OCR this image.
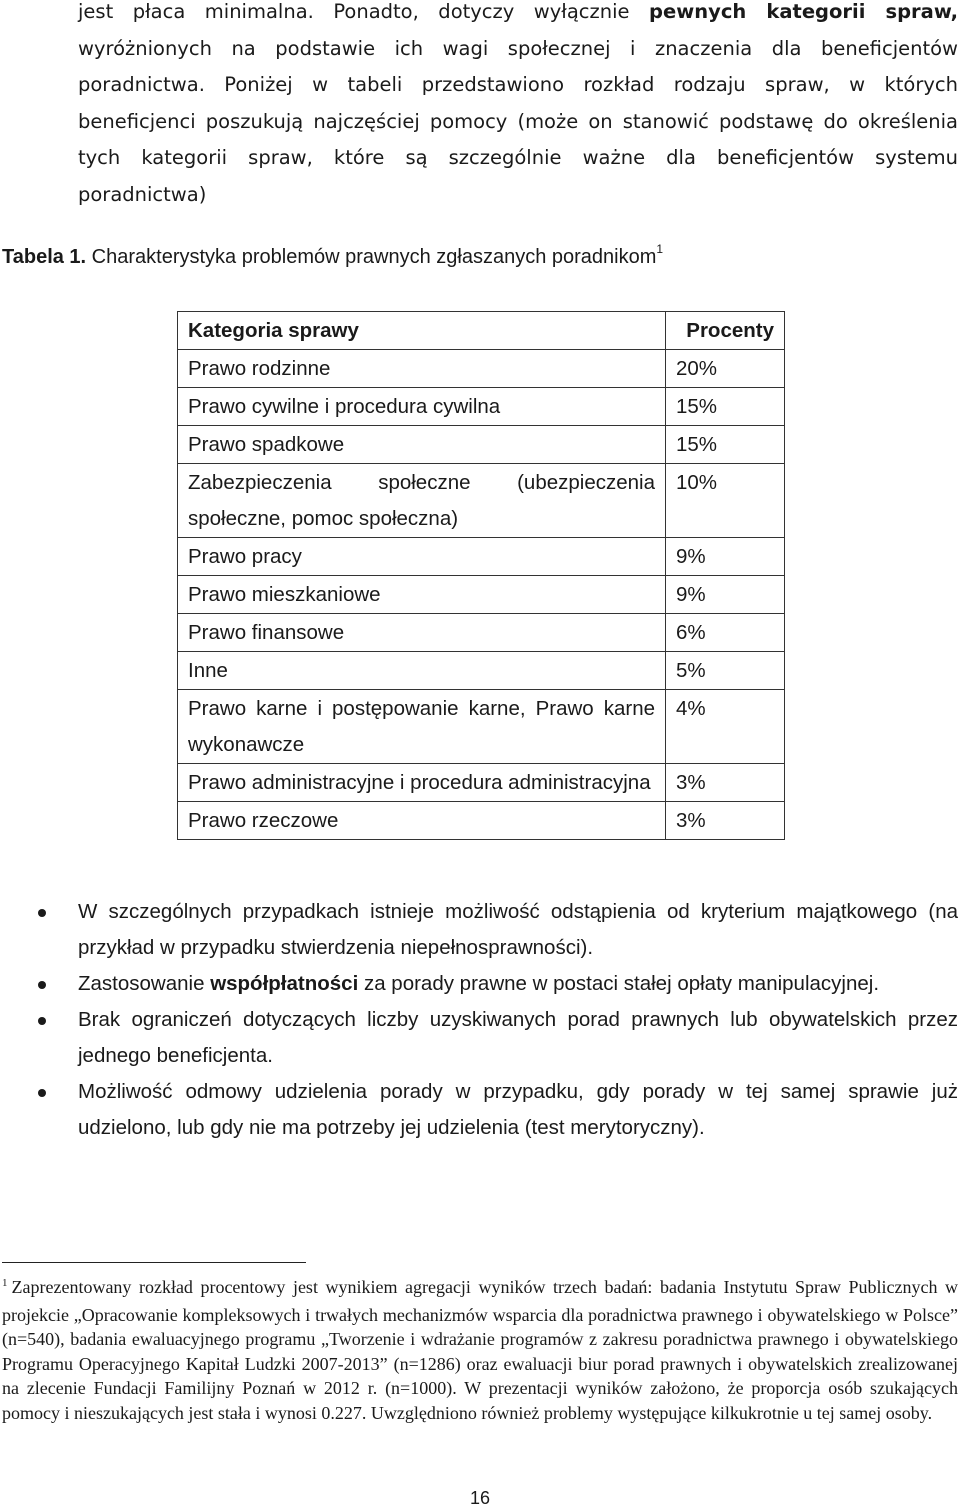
jest płaca minimalna. Ponadto, dotyczy wyłącznie pewnych kategorii spraw, wyróżnionych na podstawie ich wagi społecznej i znaczenia dla beneficjentów poradnictwa. Poniżej w tabeli przedstawiono rozkład rodzaju spraw, w których beneficjenci poszukują najczęściej pomocy (może on stanowić podstawę do określenia tych kategorii spraw, które są szczególnie ważne dla beneficjentów systemu poradnictwa)

Tabela 1. Charakterystyka problemów prawnych zgłaszanych poradnikom$^1$
Kategoria sprawy	Procenty
Prawo rodzinne	20%
Prawo cywilne i procedura cywilna	15%
Prawo spadkowe	15%
Zabezpieczenia społeczne (ubezpieczenia społeczne, pomoc społeczna)	10%
Prawo pracy	9%
Prawo mieszkaniowe	9%
Prawo finansowe	6%
Inne	5%
Prawo karne i postępowanie karne, Prawo karne wykonawcze	4%
Prawo administracyjne i procedura administracyjna	3%
Prawo rzeczowe	3%
W szczególnych przypadkach istnieje możliwość odstąpienia od kryterium majątkowego (na przykład w przypadku stwierdzenia niepełnosprawności).
Zastosowanie współpłatności za porady prawne w postaci stałej opłaty manipulacyjnej.
Brak ograniczeń dotyczących liczby uzyskiwanych porad prawnych lub obywatelskich przez jednego beneficjenta.
Możliwość odmowy udzielenia porady w przypadku, gdy porady w tej samej sprawie już udzielono, lub gdy nie ma potrzeby jej udzielenia (test merytoryczny).
$^1$ Zaprezentowany rozkład procentowy jest wynikiem agregacji wyników trzech badań: badania Instytutu Spraw Publicznych w projekcie „Opracowanie kompleksowych i trwałych mechanizmów wsparcia dla poradnictwa prawnego i obywatelskiego w Polsce” (n=540), badania ewaluacyjnego programu „Tworzenie i wdrażanie programów z zakresu poradnictwa prawnego i obywatelskiego Programu Operacyjnego Kapitał Ludzki 2007-2013” (n=1286) oraz ewaluacji biur porad prawnych i obywatelskich zrealizowanej na zlecenie Fundacji Familijny Poznań w 2012 r. (n=1000). W prezentacji wyników założono, że proporcja osób szukających pomocy i nieszukających jest stała i wynosi 0.227. Uwzględniono również problemy występujące kilkukrotnie u tej samej osoby.
16
